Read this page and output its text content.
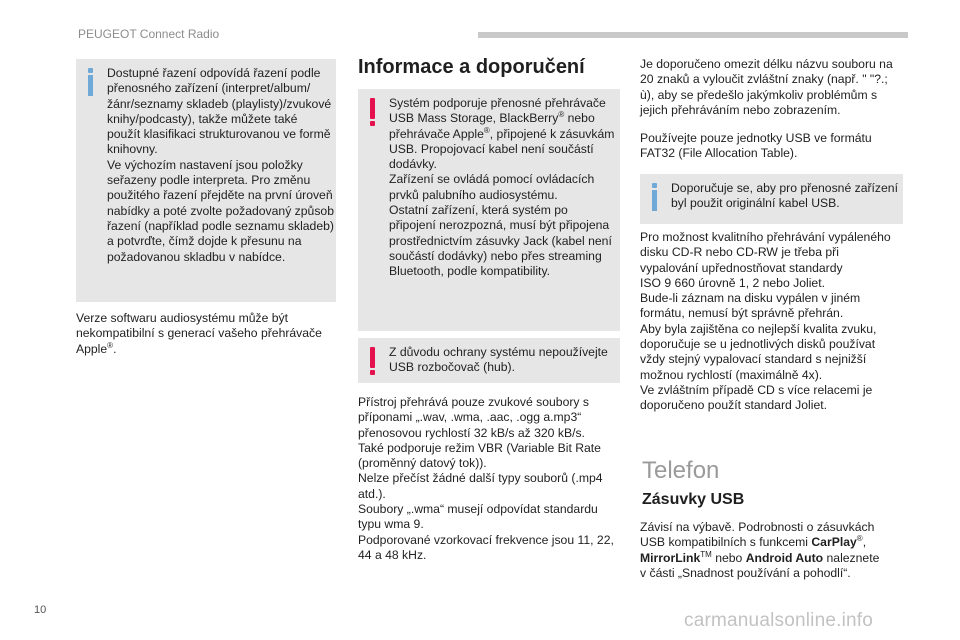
PEUGEOT Connect Radio
Dostupné řazení odpovídá řazení podle
přenosného zařízení (interpret/album/
žánr/seznamy skladeb (playlisty)/zvukové
knihy/podcasty), takže můžete také
použít klasifikaci strukturovanou ve formě
knihovny.
Ve výchozím nastavení jsou položky
seřazeny podle interpreta. Pro změnu
použitého řazení přejděte na první úroveň
nabídky a poté zvolte požadovaný způsob
řazení (například podle seznamu skladeb)
a potvrďte, čímž dojde k přesunu na
požadovanou skladbu v nabídce.
Verze softwaru audiosystému může být
nekompatibilní s generací vašeho přehrávače
Apple®.
Informace a doporučení
Systém podporuje přenosné přehrávače
USB Mass Storage, BlackBerry® nebo
přehrávače Apple®, připojené k zásuvkám
USB. Propojovací kabel není součástí
dodávky.
Zařízení se ovládá pomocí ovládacích
prvků palubního audiosystému.
Ostatní zařízení, která systém po
připojení nerozpozná, musí být připojena
prostřednictvím zásuvky Jack (kabel není
součástí dodávky) nebo přes streaming
Bluetooth, podle kompatibility.
Z důvodu ochrany systému nepoužívejte
USB rozbočovač (hub).
Přístroj přehrává pouze zvukové soubory s
příponami „.wav, .wma, .aac, .ogg a.mp3“
přenosovou rychlostí 32 kB/s až 320 kB/s.
Také podporuje režim VBR (Variable Bit Rate
(proměnný datový tok)).
Nelze přečíst žádné další typy souborů (.mp4
atd.).
Soubory „.wma“ musejí odpovídat standardu
typu wma 9.
Podporované vzorkovací frekvence jsou 11, 22,
44 a 48 kHz.
Je doporučeno omezit délku názvu souboru na
20 znaků a vyloučit zvláštní znaky (např. " "?.;
ù), aby se předešlo jakýmkoliv problémům s
jejich přehráváním nebo zobrazením.
Používejte pouze jednotky USB ve formátu
FAT32 (File Allocation Table).
Doporučuje se, aby pro přenosné zařízení
byl použit originální kabel USB.
Pro možnost kvalitního přehrávání vypáleného
disku CD-R nebo CD-RW je třeba při
vypalování upřednostňovat standardy
ISO 9 660 úrovně 1, 2 nebo Joliet.
Bude-li záznam na disku vypálen v jiném
formátu, nemusí být správně přehrán.
Aby byla zajištěna co nejlepší kvalita zvuku,
doporučuje se u jednotlivých disků používat
vždy stejný vypalovací standard s nejnižší
možnou rychlostí (maximálně 4x).
Ve zvláštním případě CD s více relacemi je
doporučeno použít standard Joliet.
Telefon
Zásuvky USB
Závisí na výbavě. Podrobnosti o zásuvkách
USB kompatibilních s funkcemi CarPlay®,
MirrorLink™ nebo Android Auto naleznete
v části „Snadnost používání a pohodlí“.
10	carmanualsonline.info
